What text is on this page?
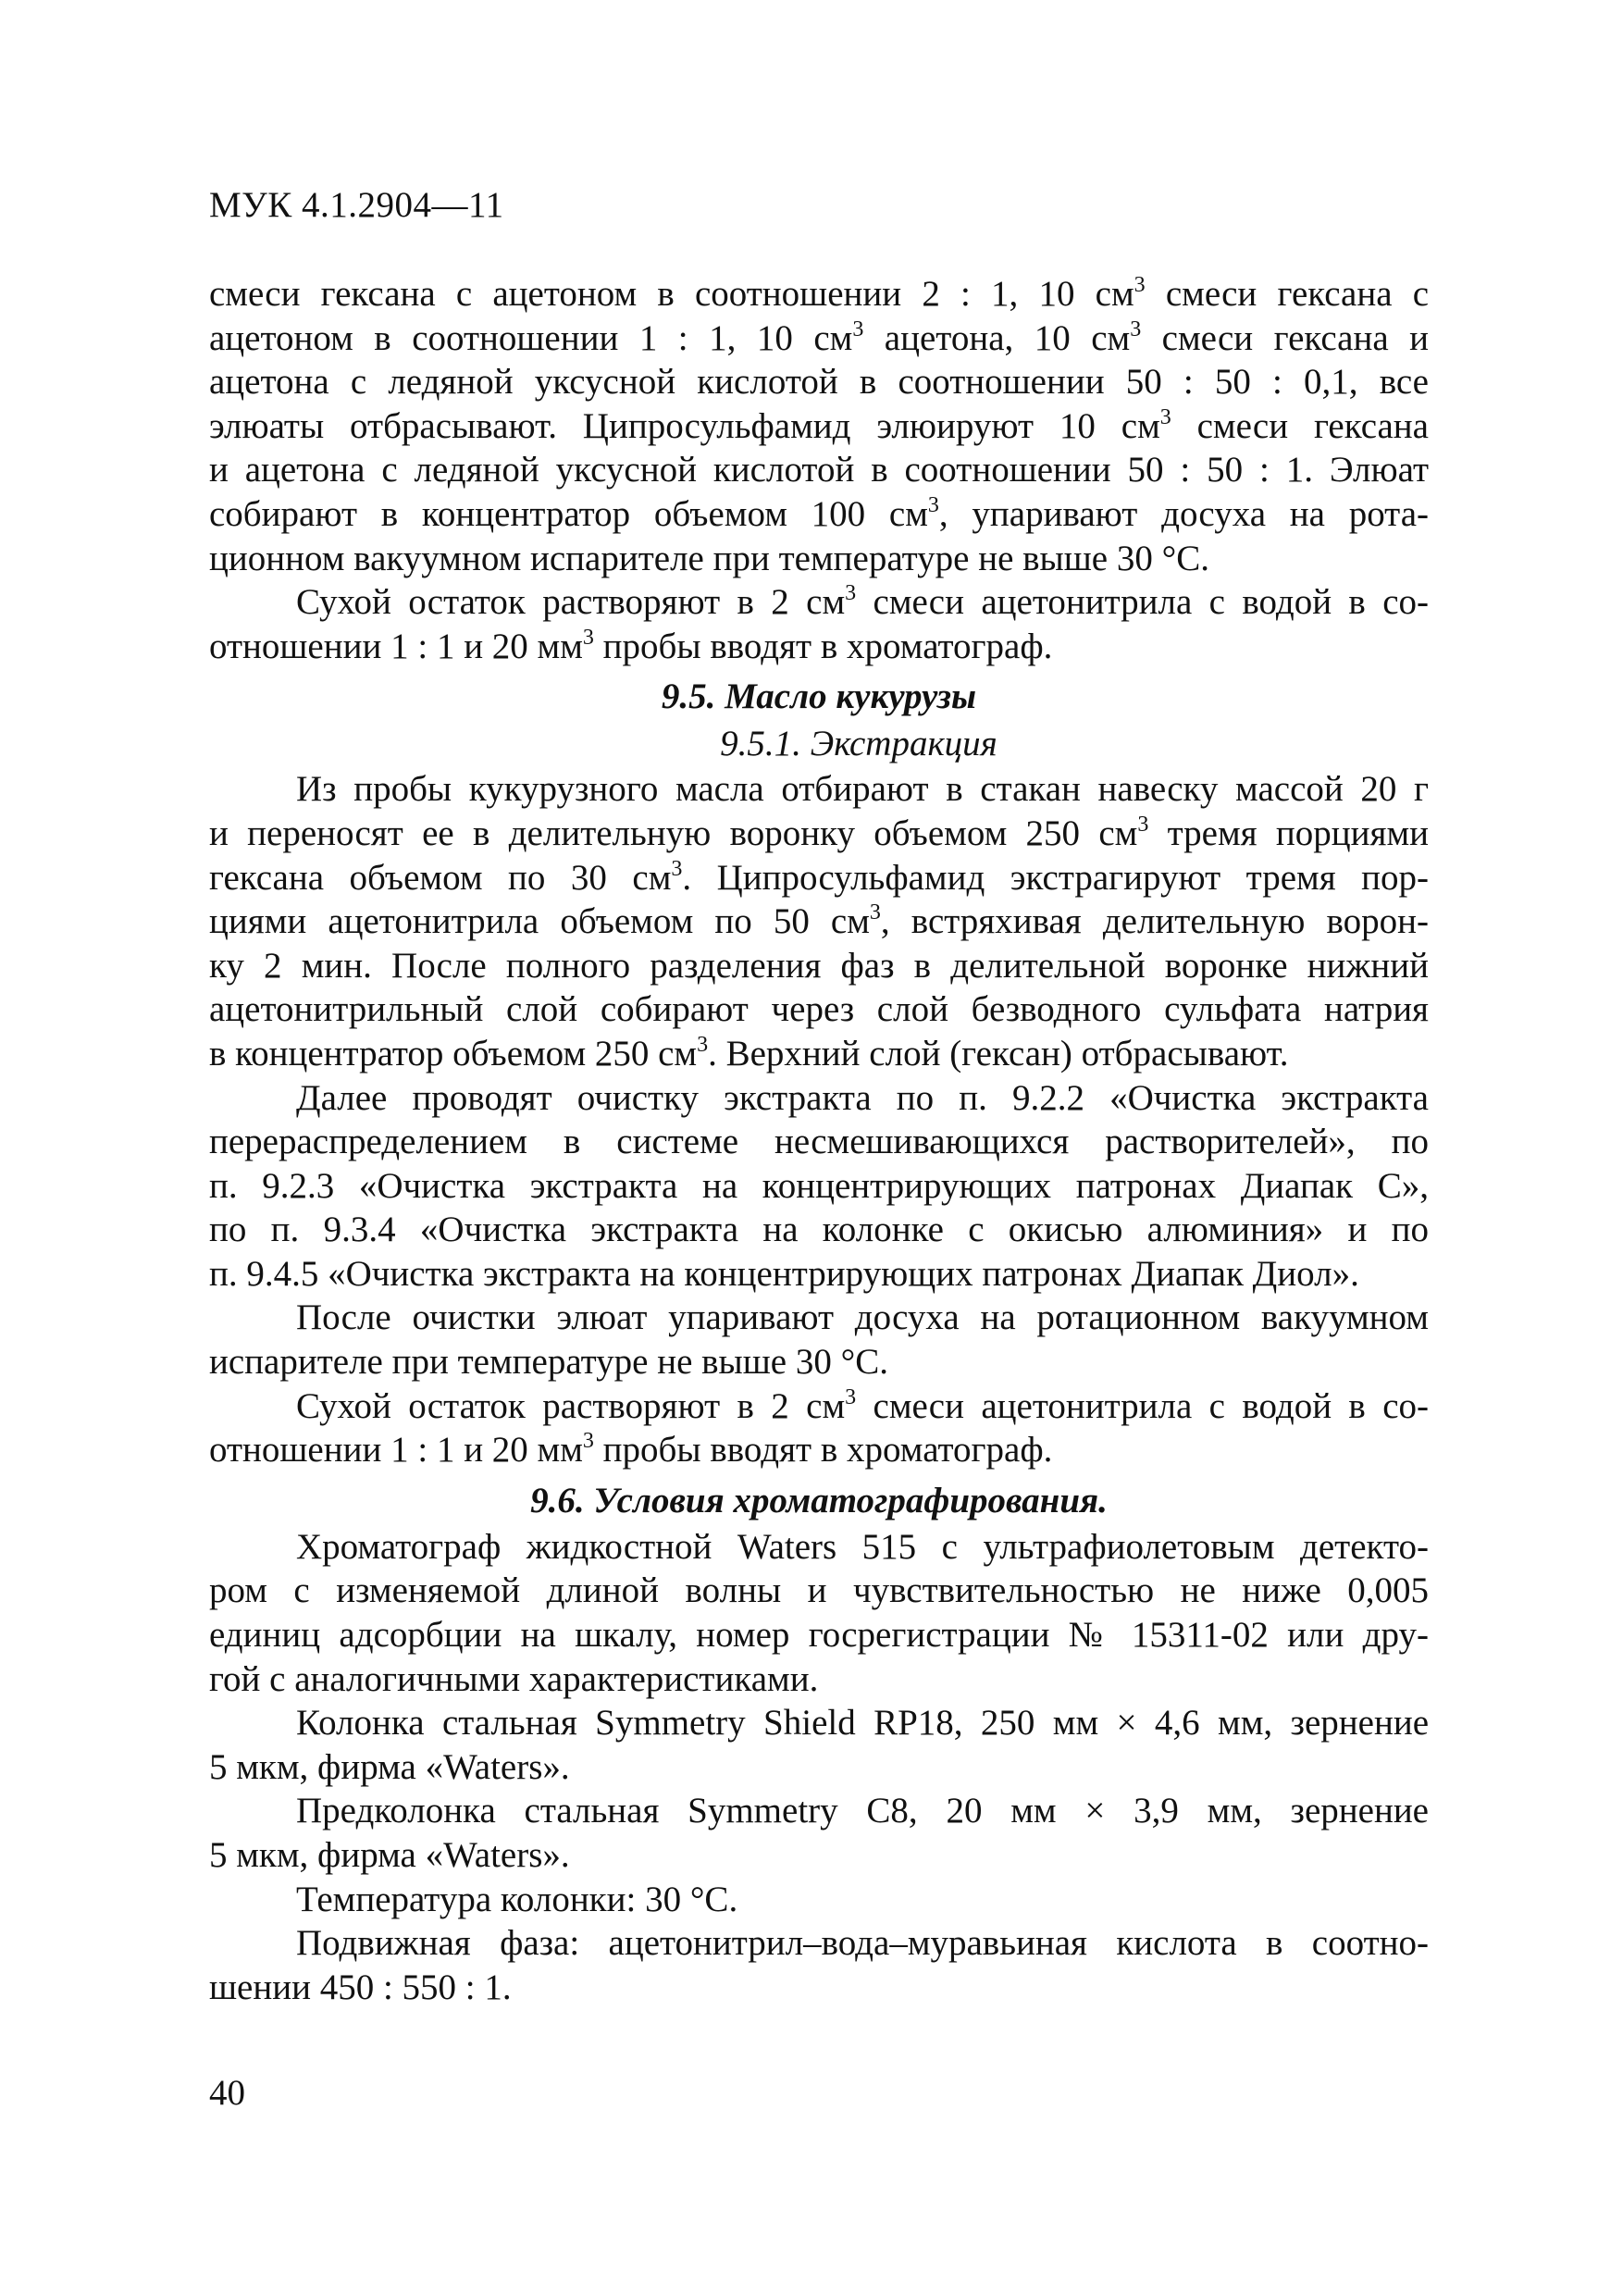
МУК 4.1.2904—11
смеси гексана с ацетоном в соотношении 2 : 1, 10 $см^3$ смеси гексана с
ацетоном в соотношении 1 : 1, 10 $см^3$ ацетона, 10 $см^3$ смеси гексана и
ацетона с ледяной уксусной кислотой в соотношении 50 : 50 : 0,1, все
элюаты отбрасывают. Ципросульфамид элюируют 10 $см^3$ смеси гексана
и ацетона с ледяной уксусной кислотой в соотношении 50 : 50 : 1. Элюат
собирают в концентратор объемом 100 $см^3$, упаривают досуха на рота-
ционном вакуумном испарителе при температуре не выше 30 °С.
Сухой остаток растворяют в 2 $см^3$ смеси ацетонитрила с водой в со-
отношении 1 : 1 и 20 $мм^3$ пробы вводят в хроматограф.
9.5. Масло кукурузы
9.5.1. Экстракция
Из пробы кукурузного масла отбирают в стакан навеску массой 20 г
и переносят ее в делительную воронку объемом 250 $см^3$ тремя порциями
гексана объемом по 30 $см^3$. Ципросульфамид экстрагируют тремя пор-
циями ацетонитрила объемом по 50 $см^3$, встряхивая делительную ворон-
ку 2 мин. После полного разделения фаз в делительной воронке нижний
ацетонитрильный слой собирают через слой безводного сульфата натрия
в концентратор объемом 250 $см^3$. Верхний слой (гексан) отбрасывают.
Далее проводят очистку экстракта по п. 9.2.2 «Очистка экстракта
перераспределением в системе несмешивающихся растворителей», по
п. 9.2.3 «Очистка экстракта на концентрирующих патронах Диапак С»,
по п. 9.3.4 «Очистка экстракта на колонке с окисью алюминия» и по
п. 9.4.5 «Очистка экстракта на концентрирующих патронах Диапак Диол».
После очистки элюат упаривают досуха на ротационном вакуумном
испарителе при температуре не выше 30 °С.
Сухой остаток растворяют в 2 $см^3$ смеси ацетонитрила с водой в со-
отношении 1 : 1 и 20 $мм^3$ пробы вводят в хроматограф.
9.6. Условия хроматографирования.
Хроматограф жидкостной Waters 515 с ультрафиолетовым детекто-
ром с изменяемой длиной волны и чувствительностью не ниже 0,005
единиц адсорбции на шкалу, номер госрегистрации № 15311-02 или дру-
гой с аналогичными характеристиками.
Колонка стальная Symmetry Shield RP18, 250 мм × 4,6 мм, зернение
5 мкм, фирма «Waters».
Предколонка стальная Symmetry C8, 20 мм × 3,9 мм, зернение
5 мкм, фирма «Waters».
Температура колонки: 30 °С.
Подвижная фаза: ацетонитрил–вода–муравьиная кислота в соотно-
шении 450 : 550 : 1.
40
